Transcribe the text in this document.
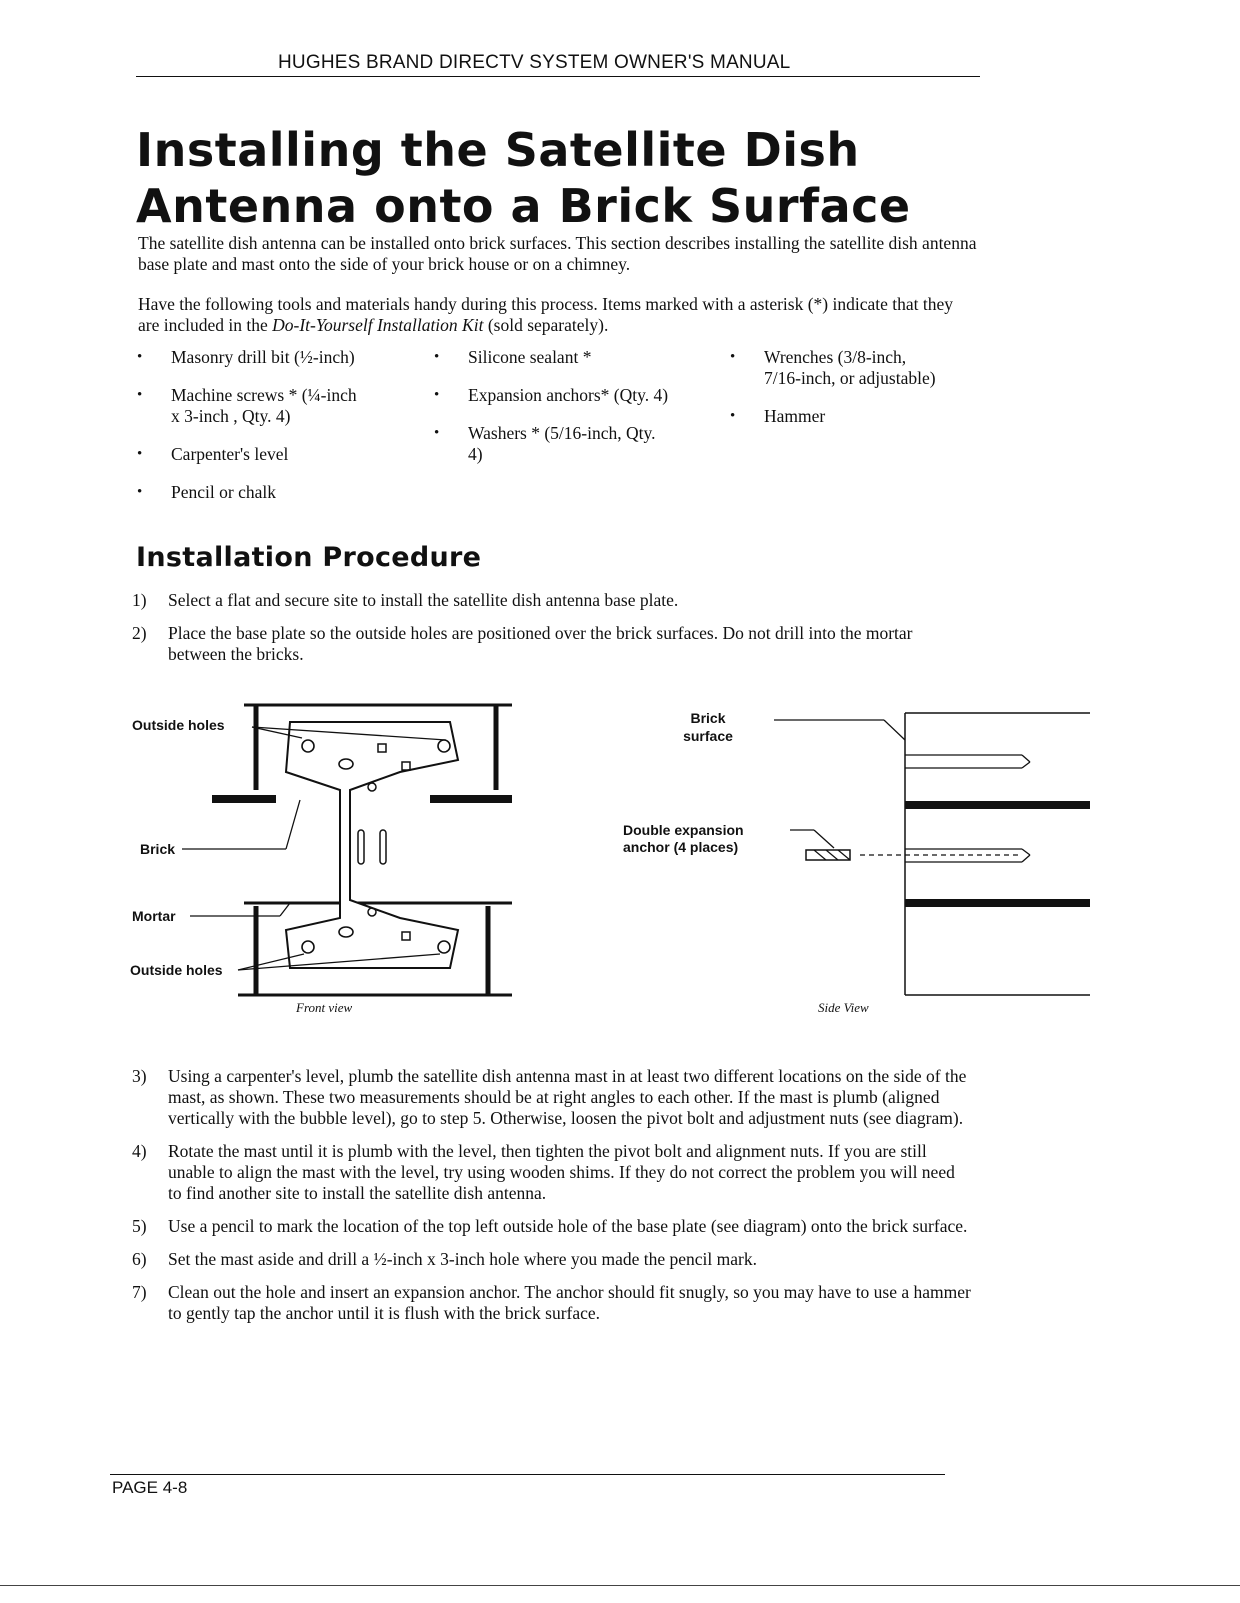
HUGHES BRAND DIRECTV SYSTEM OWNER'S MANUAL
Installing the Satellite Dish
Antenna onto a Brick Surface

The satellite dish antenna can be installed onto brick surfaces. This section describes installing the satellite dish antenna base plate and mast onto the side of your brick house or on a chimney.

Have the following tools and materials handy during this process. Items marked with a asterisk (*) indicate that they are included in the Do-It-Yourself Installation Kit (sold separately).

• Masonry drill bit (½-inch)
• Machine screws * (¼-inch x 3-inch , Qty. 4)
• Carpenter's level
• Pencil or chalk
• Silicone sealant *
• Expansion anchors* (Qty. 4)
• Washers * (5/16-inch, Qty. 4)
• Wrenches (3/8-inch, 7/16-inch, or adjustable)
• Hammer
Installation Procedure
1) Select a flat and secure site to install the satellite dish antenna base plate.
2) Place the base plate so the outside holes are positioned over the brick surfaces. Do not drill into the mortar between the bricks.
Outside holes
Brick
Mortar
Outside holes
Front view
Brick
surface
Double expansion
anchor (4 places)
Side View
3) Using a carpenter's level, plumb the satellite dish antenna mast in at least two different locations on the side of the mast, as shown. These two measurements should be at right angles to each other. If the mast is plumb (aligned vertically with the bubble level), go to step 5. Otherwise, loosen the pivot bolt and adjustment nuts (see diagram).
4) Rotate the mast until it is plumb with the level, then tighten the pivot bolt and alignment nuts. If you are still unable to align the mast with the level, try using wooden shims. If they do not correct the problem you will need to find another site to install the satellite dish antenna.
5) Use a pencil to mark the location of the top left outside hole of the base plate (see diagram) onto the brick surface.
6) Set the mast aside and drill a ½-inch x 3-inch hole where you made the pencil mark.
7) Clean out the hole and insert an expansion anchor. The anchor should fit snugly, so you may have to use a hammer to gently tap the anchor until it is flush with the brick surface.
PAGE 4-8
